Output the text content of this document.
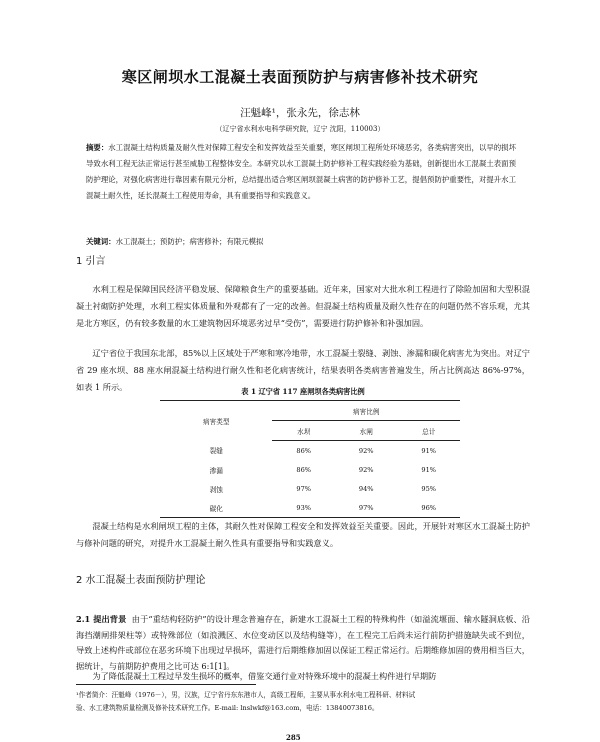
寒区闸坝水工混凝土表面预防护与病害修补技术研究
汪魁峰¹，张永先，徐志林
（辽宁省水利水电科学研究院，辽宁 沈阳，110003）
摘要：水工混凝土结构质量及耐久性对保障工程安全和发挥效益至关重要，寒区闸坝工程所处环境恶劣，各类病害突出，以早的损坏导致水利工程无法正常运行甚至威胁工程整体安全。本研究以水工混凝土防护修补工程实践经验为基础，创新提出水工混凝土表面预防护理论，对强化病害进行靠因素有限元分析，总结提出适合寒区闸坝混凝土病害的防护修补工艺，提倡预防护重要性，对提升水工混凝土耐久性，延长混凝土工程使用寿命，具有重要指导和实践意义。
关键词：水工混凝土；预防护；病害修补；有限元模拟
1 引言
水利工程是保障国民经济平稳发展、保障粮食生产的重要基础。近年来，国家对大批水利工程进行了除险加固和大型积混凝土衬砌防护处理，水利工程实体质量和外观都有了一定的改善。但混凝土结构质量及耐久性存在的问题仍然不容乐观，尤其是北方寒区，仍有较多数量的水工建筑物因环境恶劣过早“受伤”，需要进行防护修补和补强加固。
辽宁省位于我国东北部，85%以上区域处于严寒和寒冷地带，水工混凝土裂缝、剥蚀、渗漏和碳化病害尤为突出。对辽宁省 29 座水坝、88 座水闸混凝土结构进行耐久性和老化病害统计，结果表明各类病害普遍发生，所占比例高达 86%-97%，如表 1 所示。	表 1 辽宁省 117 座闸坝各类病害比例
病害类型	病害比例		
	水坝	水闸	总计
裂缝	86%	92%	91%
渗漏	86%	92%	91%
剥蚀	97%	94%	95%
碳化	93%	97%	96%
混凝土结构是水利闸坝工程的主体，其耐久性对保障工程安全和发挥效益至关重要。因此，开展针对寒区水工混凝土防护与修补问题的研究，对提升水工混凝土耐久性具有重要指导和实践意义。
2 水工混凝土表面预防护理论
2.1 提出背景 由于“重结构轻防护”的设计理念普遍存在，新建水工混凝土工程的特殊构件（如溢流堰面、输水隧洞底板、沿海挡潮闸排架柱等）或特殊部位（如浪溅区、水位变动区以及结构缝等），在工程完工后尚未运行前防护措施缺失或不到位，导致上述构件或部位在恶劣环境下出现过早损坏，需进行后期维修加固以保证工程正常运行。后期维修加固的费用相当巨大，据统计，与前期防护费用之比可达 6:1[1]。
为了降低混凝土工程过早发生损坏的概率，借鉴交通行业对特殊环境中的混凝土构件进行早期防
¹作者简介：汪魁峰（1976－），男，汉族，辽宁省丹东东港市人，高级工程师，主要从事水利水电工程科研、材料试
验、水工建筑物质量检测及修补技术研究工作。E-mail: lnslwkf@163.com，电话：13840073816。
285
